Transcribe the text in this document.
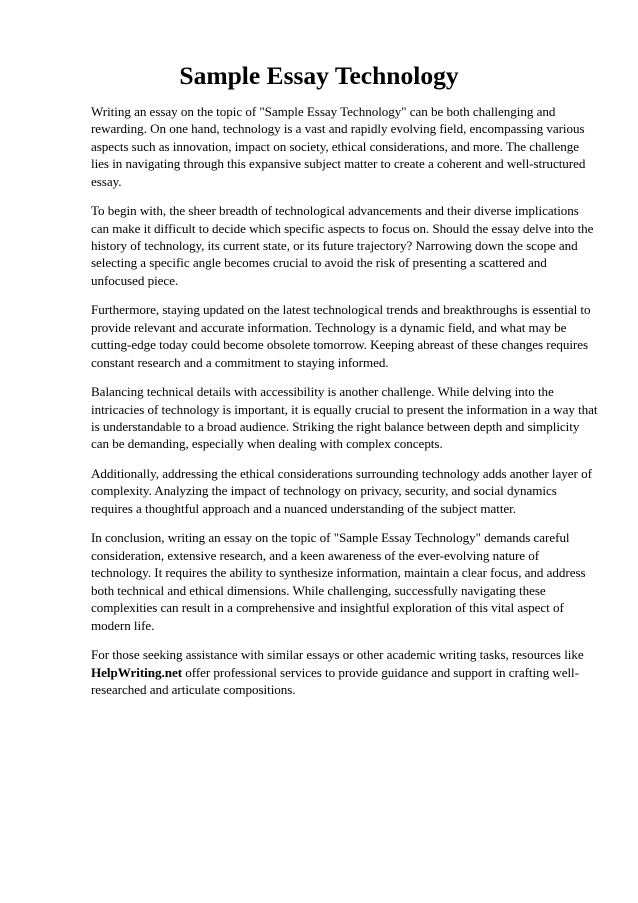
Sample Essay Technology

Writing an essay on the topic of "Sample Essay Technology" can be both challenging and rewarding. On one hand, technology is a vast and rapidly evolving field, encompassing various aspects such as innovation, impact on society, ethical considerations, and more. The challenge lies in navigating through this expansive subject matter to create a coherent and well-structured essay.

To begin with, the sheer breadth of technological advancements and their diverse implications can make it difficult to decide which specific aspects to focus on. Should the essay delve into the history of technology, its current state, or its future trajectory? Narrowing down the scope and selecting a specific angle becomes crucial to avoid the risk of presenting a scattered and unfocused piece.

Furthermore, staying updated on the latest technological trends and breakthroughs is essential to provide relevant and accurate information. Technology is a dynamic field, and what may be cutting-edge today could become obsolete tomorrow. Keeping abreast of these changes requires constant research and a commitment to staying informed.

Balancing technical details with accessibility is another challenge. While delving into the intricacies of technology is important, it is equally crucial to present the information in a way that is understandable to a broad audience. Striking the right balance between depth and simplicity can be demanding, especially when dealing with complex concepts.

Additionally, addressing the ethical considerations surrounding technology adds another layer of complexity. Analyzing the impact of technology on privacy, security, and social dynamics requires a thoughtful approach and a nuanced understanding of the subject matter.

In conclusion, writing an essay on the topic of "Sample Essay Technology" demands careful consideration, extensive research, and a keen awareness of the ever-evolving nature of technology. It requires the ability to synthesize information, maintain a clear focus, and address both technical and ethical dimensions. While challenging, successfully navigating these complexities can result in a comprehensive and insightful exploration of this vital aspect of modern life.

For those seeking assistance with similar essays or other academic writing tasks, resources like HelpWriting.net offer professional services to provide guidance and support in crafting well-researched and articulate compositions.
